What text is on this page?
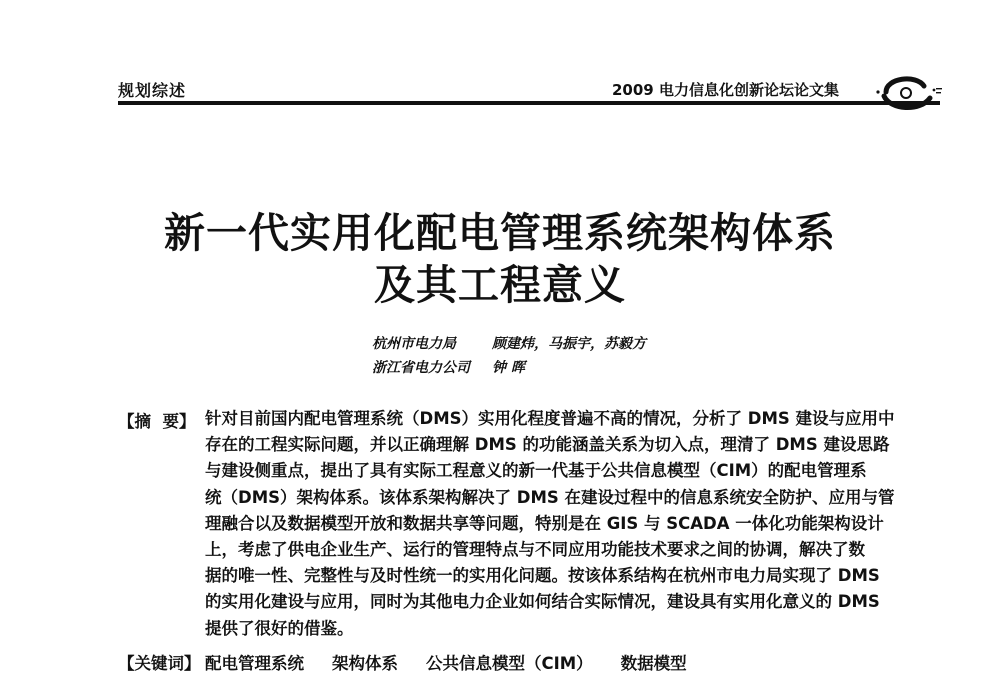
规划综述	2009 电力信息化创新论坛论文集
新一代实用化配电管理系统架构体系
及其工程意义
杭州市电力局	顾建炜，马振宇，苏毅方
浙江省电力公司 钟 晖
【摘  要】 针对目前国内配电管理系统（DMS）实用化程度普遍不高的情况，分析了 DMS 建设与应用中
存在的工程实际问题，并以正确理解 DMS 的功能涵盖关系为切入点，理清了 DMS 建设思路
与建设侧重点，提出了具有实际工程意义的新一代基于公共信息模型（CIM）的配电管理系
统（DMS）架构体系。该体系架构解决了 DMS 在建设过程中的信息系统安全防护、应用与管
理融合以及数据模型开放和数据共享等问题，特别是在 GIS 与 SCADA 一体化功能架构设计
上，考虑了供电企业生产、运行的管理特点与不同应用功能技术要求之间的协调，解决了数
据的唯一性、完整性与及时性统一的实用化问题。按该体系结构在杭州市电力局实现了 DMS
的实用化建设与应用，同时为其他电力企业如何结合实际情况，建设具有实用化意义的 DMS
提供了很好的借鉴。
【关键词】 配电管理系统 架构体系 公共信息模型（CIM） 数据模型
